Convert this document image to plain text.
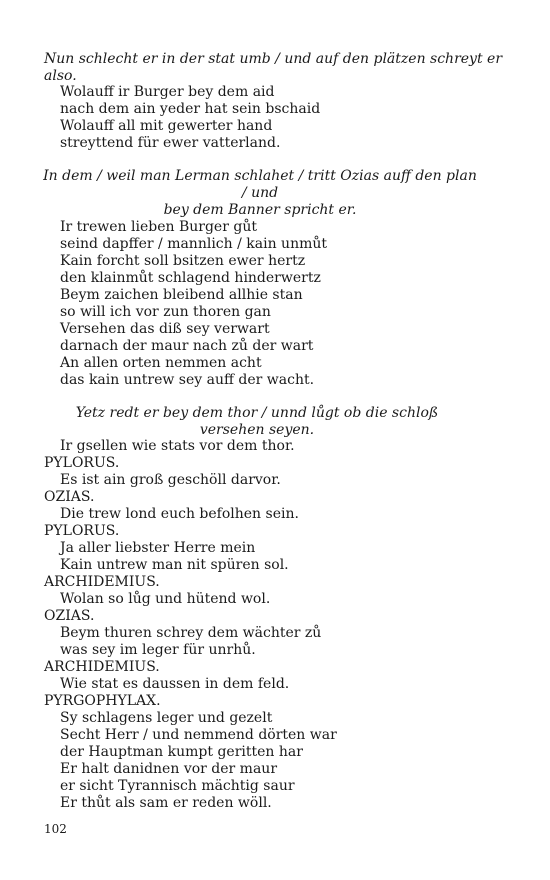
Nun schlecht er in der stat umb / und auf den plätzen schreyt er also.
Wolauff ir Burger bey dem aid
nach dem ain yeder hat sein bschaid
Wolauff all mit gewerter hand
streyttend für ewer vatterland.
In dem / weil man Lerman schlahet / tritt Ozias auff den plan / und
bey dem Banner spricht er.
Ir trewen lieben Burger gůt
seind dapffer / mannlich / kain unmůt
Kain forcht soll bsitzen ewer hertz
den klainmůt schlagend hinderwertz
Beym zaichen bleibend allhie stan
so will ich vor zun thoren gan
Versehen das diß sey verwart
darnach der maur nach zů der wart
An allen orten nemmen acht
das kain untrew sey auff der wacht.
Yetz redt er bey dem thor / unnd lůgt ob die schloß versehen seyen.
Ir gsellen wie stats vor dem thor.
PYLORUS.
Es ist ain groß geschöll darvor.
OZIAS.
Die trew lond euch befolhen sein.
PYLORUS.
Ja aller liebster Herre mein
Kain untrew man nit spüren sol.
ARCHIDEMIUS.
Wolan so lůg und hütend wol.
OZIAS.
Beym thuren schrey dem wächter zů
was sey im leger für unrhů.
ARCHIDEMIUS.
Wie stat es daussen in dem feld.
PYRGOPHYLAX.
Sy schlagens leger und gezelt
Secht Herr / und nemmend dörten war
der Hauptman kumpt geritten har
Er halt danidnen vor der maur
er sicht Tyrannisch mächtig saur
Er thůt als sam er reden wöll.
102
